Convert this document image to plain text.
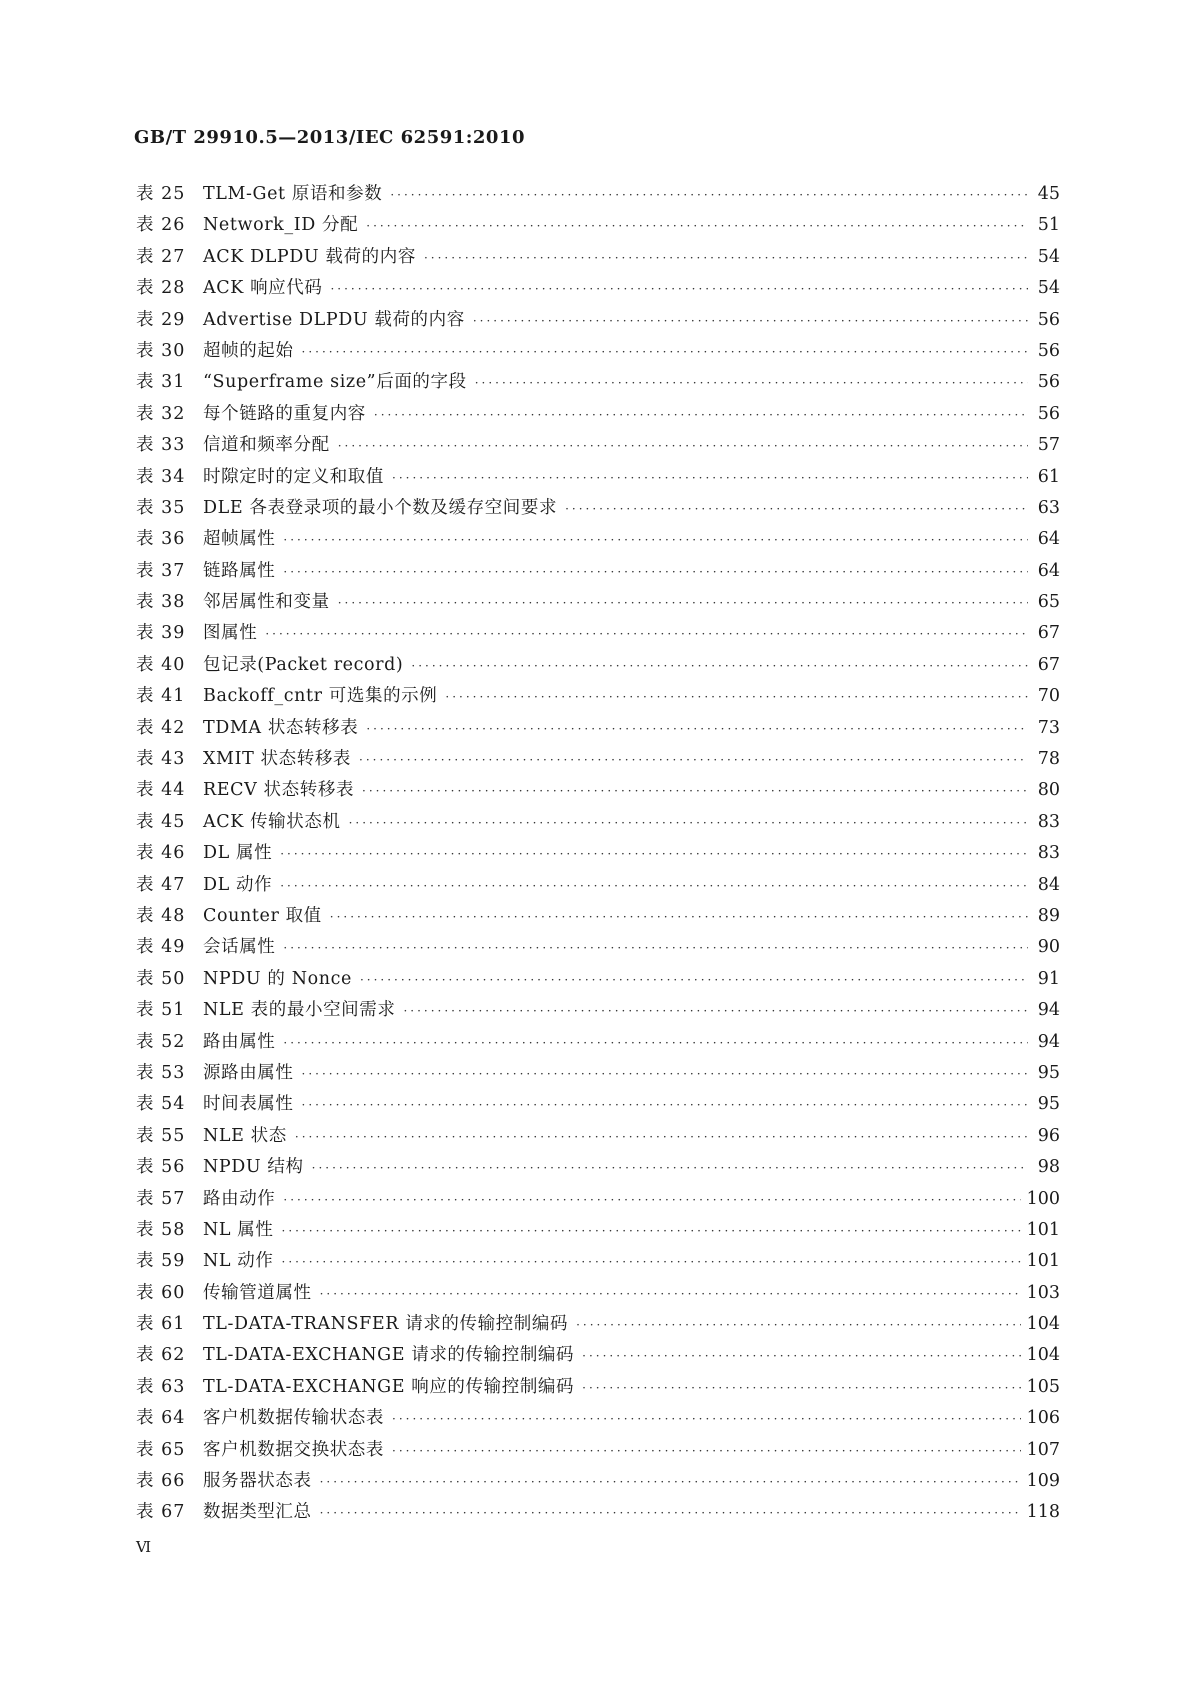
GB/T 29910.5—2013/IEC 62591:2010
表 25	TLM-Get 原语和参数 ·····	45
表 26	Network_ID 分配 ·····	51
表 27	ACK DLPDU 载荷的内容 ·····	54
表 28	ACK 响应代码 ·····	54
表 29	Advertise DLPDU 载荷的内容 ·····	56
表 30	超帧的起始 ·····	56
表 31	“Superframe size”后面的字段 ·····	56
表 32	每个链路的重复内容 ·····	56
表 33	信道和频率分配 ·····	57
表 34	时隙定时的定义和取值 ·····	61
表 35	DLE 各表登录项的最小个数及缓存空间要求 ·····	63
表 36	超帧属性 ·····	64
表 37	链路属性 ·····	64
表 38	邻居属性和变量 ·····	65
表 39	图属性 ·····	67
表 40	包记录(Packet record) ·····	67
表 41	Backoff_cntr 可选集的示例 ·····	70
表 42	TDMA 状态转移表 ·····	73
表 43	XMIT 状态转移表 ·····	78
表 44	RECV 状态转移表 ·····	80
表 45	ACK 传输状态机 ·····	83
表 46	DL 属性 ·····	83
表 47	DL 动作 ·····	84
表 48	Counter 取值 ·····	89
表 49	会话属性 ·····	90
表 50	NPDU 的 Nonce ·····	91
表 51	NLE 表的最小空间需求 ·····	94
表 52	路由属性 ·····	94
表 53	源路由属性 ·····	95
表 54	时间表属性 ·····	95
表 55	NLE 状态 ·····	96
表 56	NPDU 结构 ·····	98
表 57	路由动作 ·····	100
表 58	NL 属性 ·····	101
表 59	NL 动作 ·····	101
表 60	传输管道属性 ·····	103
表 61	TL-DATA-TRANSFER 请求的传输控制编码 ·····	104
表 62	TL-DATA-EXCHANGE 请求的传输控制编码 ·····	104
表 63	TL-DATA-EXCHANGE 响应的传输控制编码 ·····	105
表 64	客户机数据传输状态表 ·····	106
表 65	客户机数据交换状态表 ·····	107
表 66	服务器状态表 ·····	109
表 67	数据类型汇总 ·····	118
Ⅵ
